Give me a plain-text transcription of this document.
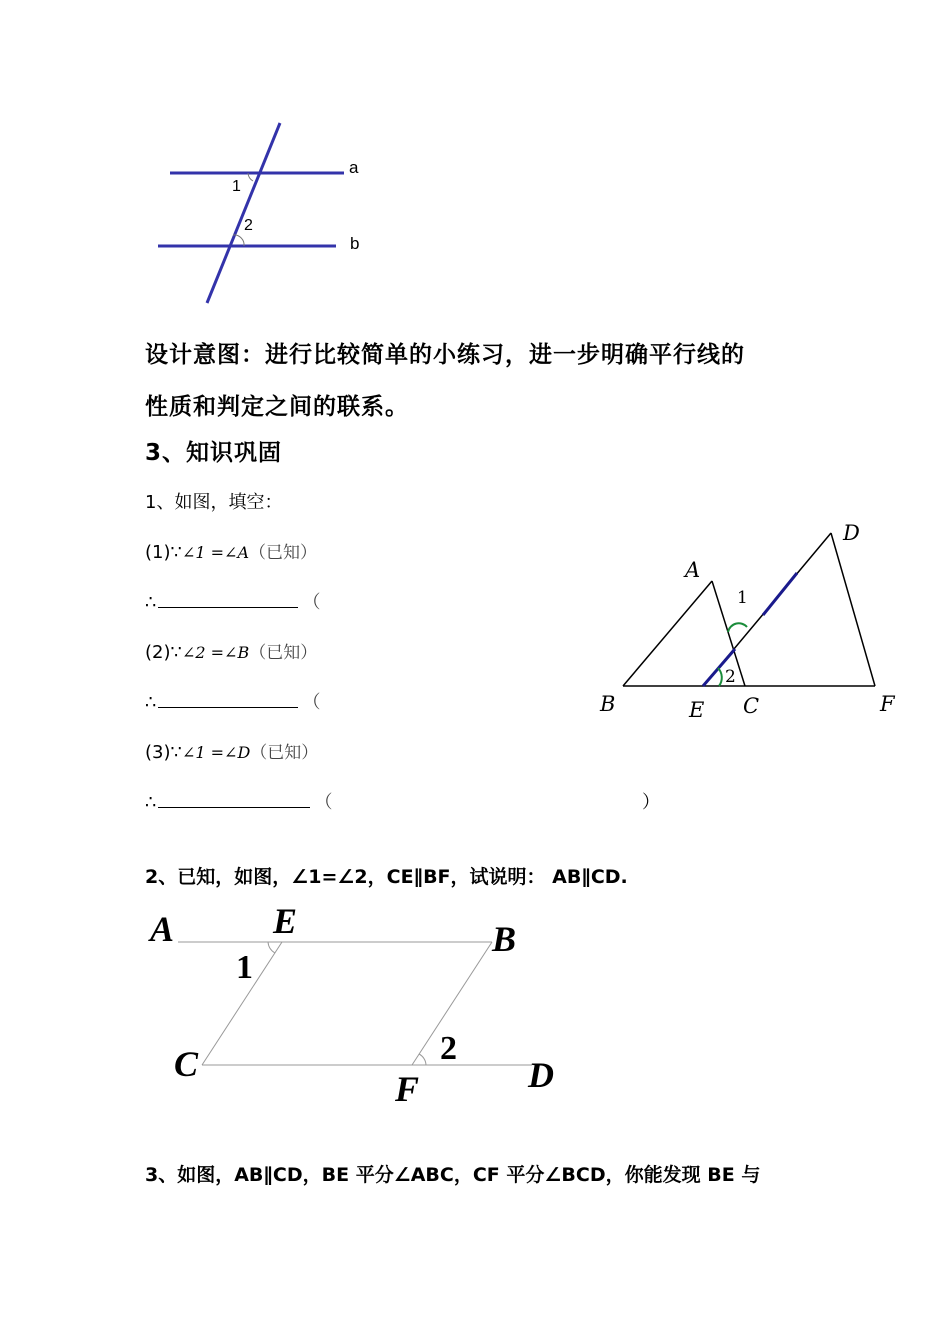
a
b
1
2
设计意图：进行比较简单的小练习，进一步明确平行线的
性质和判定之间的联系。
3、知识巩固
1、如图，填空：
(1)∵∠1 =∠A（已知）
∴	（
(2)∵∠2 =∠B（已知）
∴	（
(3)∵∠1 =∠D（已知）
∴	（	）
A
B	C
D
E	F
1
2
2、已知，如图，∠1=∠2，CE∥BF，试说明： AB∥CD.
A	E	B
C
F	D
1
2
3、如图，AB∥CD，BE 平分∠ABC，CF 平分∠BCD，你能发现 BE 与
